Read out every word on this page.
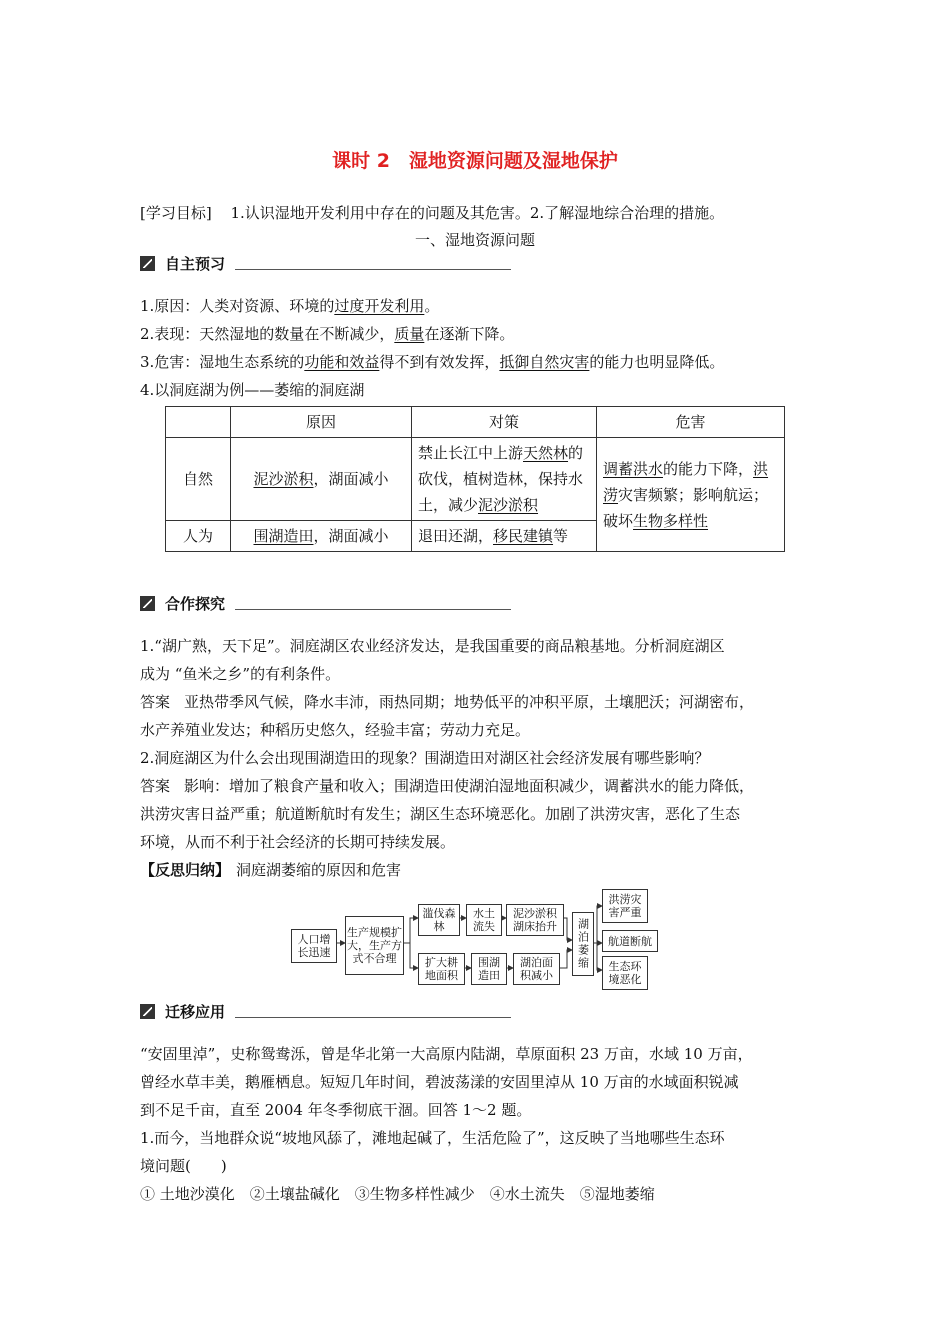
课时 2　湿地资源问题及湿地保护
[学习目标] 1.认识湿地开发利用中存在的问题及其危害。2.了解湿地综合治理的措施。
一、湿地资源问题
自主预习
1.原因：人类对资源、环境的过度开发利用。
2.表现：天然湿地的数量在不断减少，质量在逐渐下降。
3.危害：湿地生态系统的功能和效益得不到有效发挥，抵御自然灾害的能力也明显降低。
4.以洞庭湖为例——萎缩的洞庭湖
	原因	对策	危害
自然	泥沙淤积，湖面减小	禁止长江中上游天然林的砍伐，植树造林，保持水土，减少泥沙淤积	调蓄洪水的能力下降，洪涝灾害频繁；影响航运；破坏生物多样性
人为	围湖造田，湖面减小	退田还湖，移民建镇等	
合作探究
1.“湖广熟，天下足”。洞庭湖区农业经济发达，是我国重要的商品粮基地。分析洞庭湖区
成为 “鱼米之乡”的有利条件。
答案 亚热带季风气候，降水丰沛，雨热同期；地势低平的冲积平原，土壤肥沃；河湖密布，
水产养殖业发达；种稻历史悠久，经验丰富；劳动力充足。
2.洞庭湖区为什么会出现围湖造田的现象？围湖造田对湖区社会经济发展有哪些影响？
答案 影响：增加了粮食产量和收入；围湖造田使湖泊湿地面积减少，调蓄洪水的能力降低，
洪涝灾害日益严重；航道断航时有发生；湖区生态环境恶化。加剧了洪涝灾害，恶化了生态
环境，从而不利于社会经济的长期可持续发展。
【反思归纳】 洞庭湖萎缩的原因和危害
人口增长迅速
生产规模扩大，生产方式不合理
滥伐森林
水土流失
泥沙淤积湖床抬升
扩大耕地面积
围湖造田
湖泊面积减小
湖泊萎缩
洪涝灾害严重
航道断航
生态环境恶化
迁移应用
“安固里淖”，史称鸳鸯泺，曾是华北第一大高原内陆湖，草原面积 23 万亩，水域 10 万亩，
曾经水草丰美，鹅雁栖息。短短几年时间，碧波荡漾的安固里淖从 10 万亩的水域面积锐减
到不足千亩，直至 2004 年冬季彻底干涸。回答 1～2 题。
1.而今，当地群众说“坡地风舔了，滩地起碱了，生活危险了”，这反映了当地哪些生态环
境问题(　　)
① 土地沙漠化　②土壤盐碱化　③生物多样性减少　④水土流失　⑤湿地萎缩
